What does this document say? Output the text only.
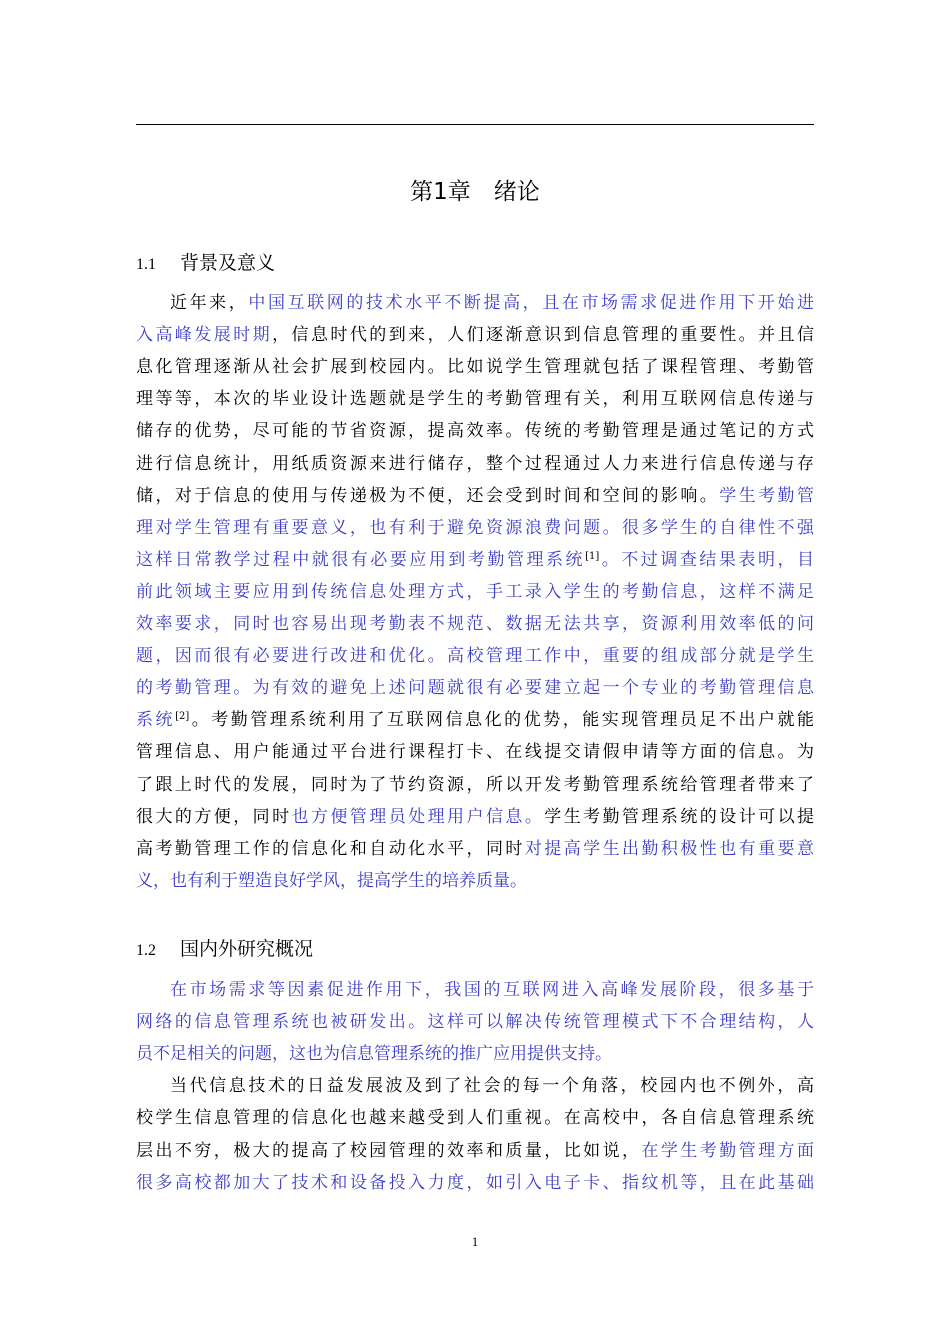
第1章　绪论
1.1 背景及意义
1.2 国内外研究概况
近年来，中国互联网的技术水平不断提高，且在市场需求促进作用下开始进
入高峰发展时期，信息时代的到来，人们逐渐意识到信息管理的重要性。并且信
息化管理逐渐从社会扩展到校园内。比如说学生管理就包括了课程管理、考勤管
理等等，本次的毕业设计选题就是学生的考勤管理有关，利用互联网信息传递与
储存的优势，尽可能的节省资源，提高效率。传统的考勤管理是通过笔记的方式
进行信息统计，用纸质资源来进行储存，整个过程通过人力来进行信息传递与存
储，对于信息的使用与传递极为不便，还会受到时间和空间的影响。学生考勤管
理对学生管理有重要意义，也有利于避免资源浪费问题。很多学生的自律性不强
这样日常教学过程中就很有必要应用到考勤管理系统[1]。不过调查结果表明，目
前此领域主要应用到传统信息处理方式，手工录入学生的考勤信息，这样不满足
效率要求，同时也容易出现考勤表不规范、数据无法共享，资源利用效率低的问
题，因而很有必要进行改进和优化。高校管理工作中，重要的组成部分就是学生
的考勤管理。为有效的避免上述问题就很有必要建立起一个专业的考勤管理信息
系统[2]。考勤管理系统利用了互联网信息化的优势，能实现管理员足不出户就能
管理信息、用户能通过平台进行课程打卡、在线提交请假申请等方面的信息。为
了跟上时代的发展，同时为了节约资源，所以开发考勤管理系统给管理者带来了
很大的方便，同时也方便管理员处理用户信息。学生考勤管理系统的设计可以提
高考勤管理工作的信息化和自动化水平，同时对提高学生出勤积极性也有重要意
义，也有利于塑造良好学风，提高学生的培养质量。
在市场需求等因素促进作用下，我国的互联网进入高峰发展阶段，很多基于
网络的信息管理系统也被研发出。这样可以解决传统管理模式下不合理结构，人
员不足相关的问题，这也为信息管理系统的推广应用提供支持。
当代信息技术的日益发展波及到了社会的每一个角落，校园内也不例外，高
校学生信息管理的信息化也越来越受到人们重视。在高校中，各自信息管理系统
层出不穷，极大的提高了校园管理的效率和质量，比如说，在学生考勤管理方面
很多高校都加大了技术和设备投入力度，如引入电子卡、指纹机等，且在此基础
1
